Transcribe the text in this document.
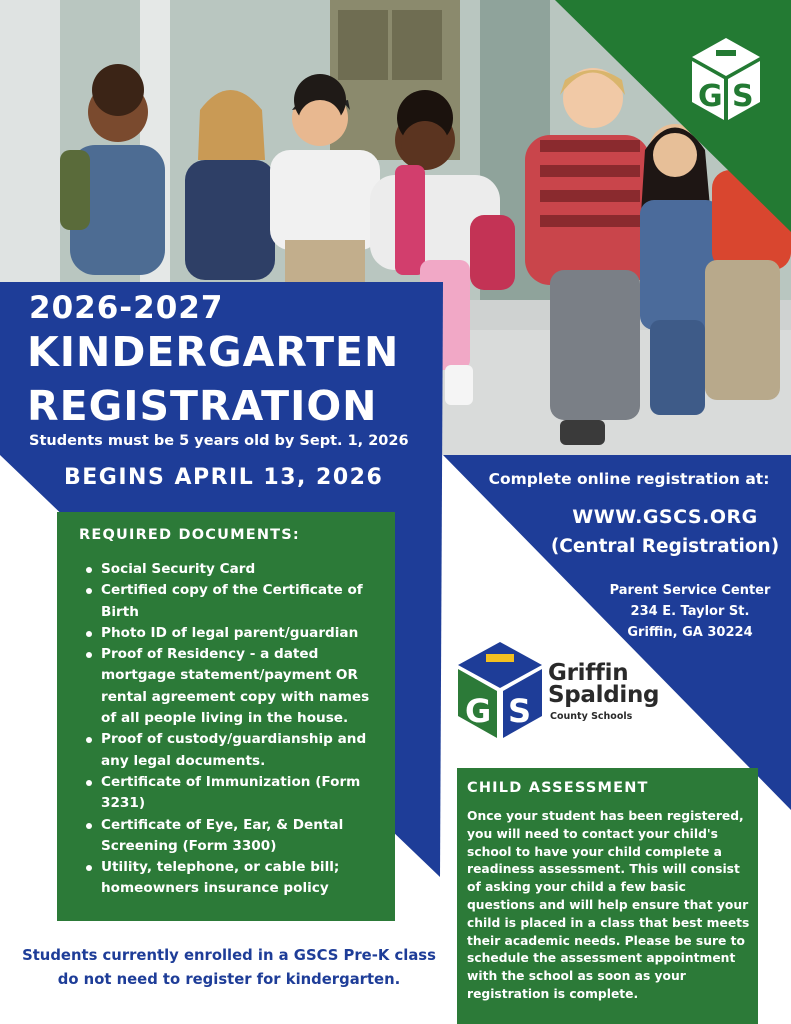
G S
2026-2027
KINDERGARTEN
REGISTRATION
Students must be 5 years old by Sept. 1, 2026
BEGINS APRIL 13, 2026	Complete online registration at:
WWW.GSCS.ORG
(Central Registration)
Parent Service Center
234 E. Taylor St.
Griffin, GA 30224
REQUIRED DOCUMENTS:
Social Security Card
Certified copy of the Certificate of Birth
Photo ID of legal parent/guardian
Proof of Residency - a dated mortgage statement/payment OR rental agreement copy with names of all people living in the house.
Proof of custody/guardianship and any legal documents.
Certificate of Immunization (Form 3231)
Certificate of Eye, Ear, & Dental Screening (Form 3300)
Utility, telephone, or cable bill; homeowners insurance policy
Students currently enrolled in a GSCS Pre-K class do not need to register for kindergarten.
G S
Griffin
Spalding
County Schools
CHILD ASSESSMENT
Once your student has been registered, you will need to contact your child's school to have your child complete a readiness assessment. This will consist of asking your child a few basic questions and will help ensure that your child is placed in a class that best meets their academic needs. Please be sure to schedule the assessment appointment with the school as soon as your registration is complete.
